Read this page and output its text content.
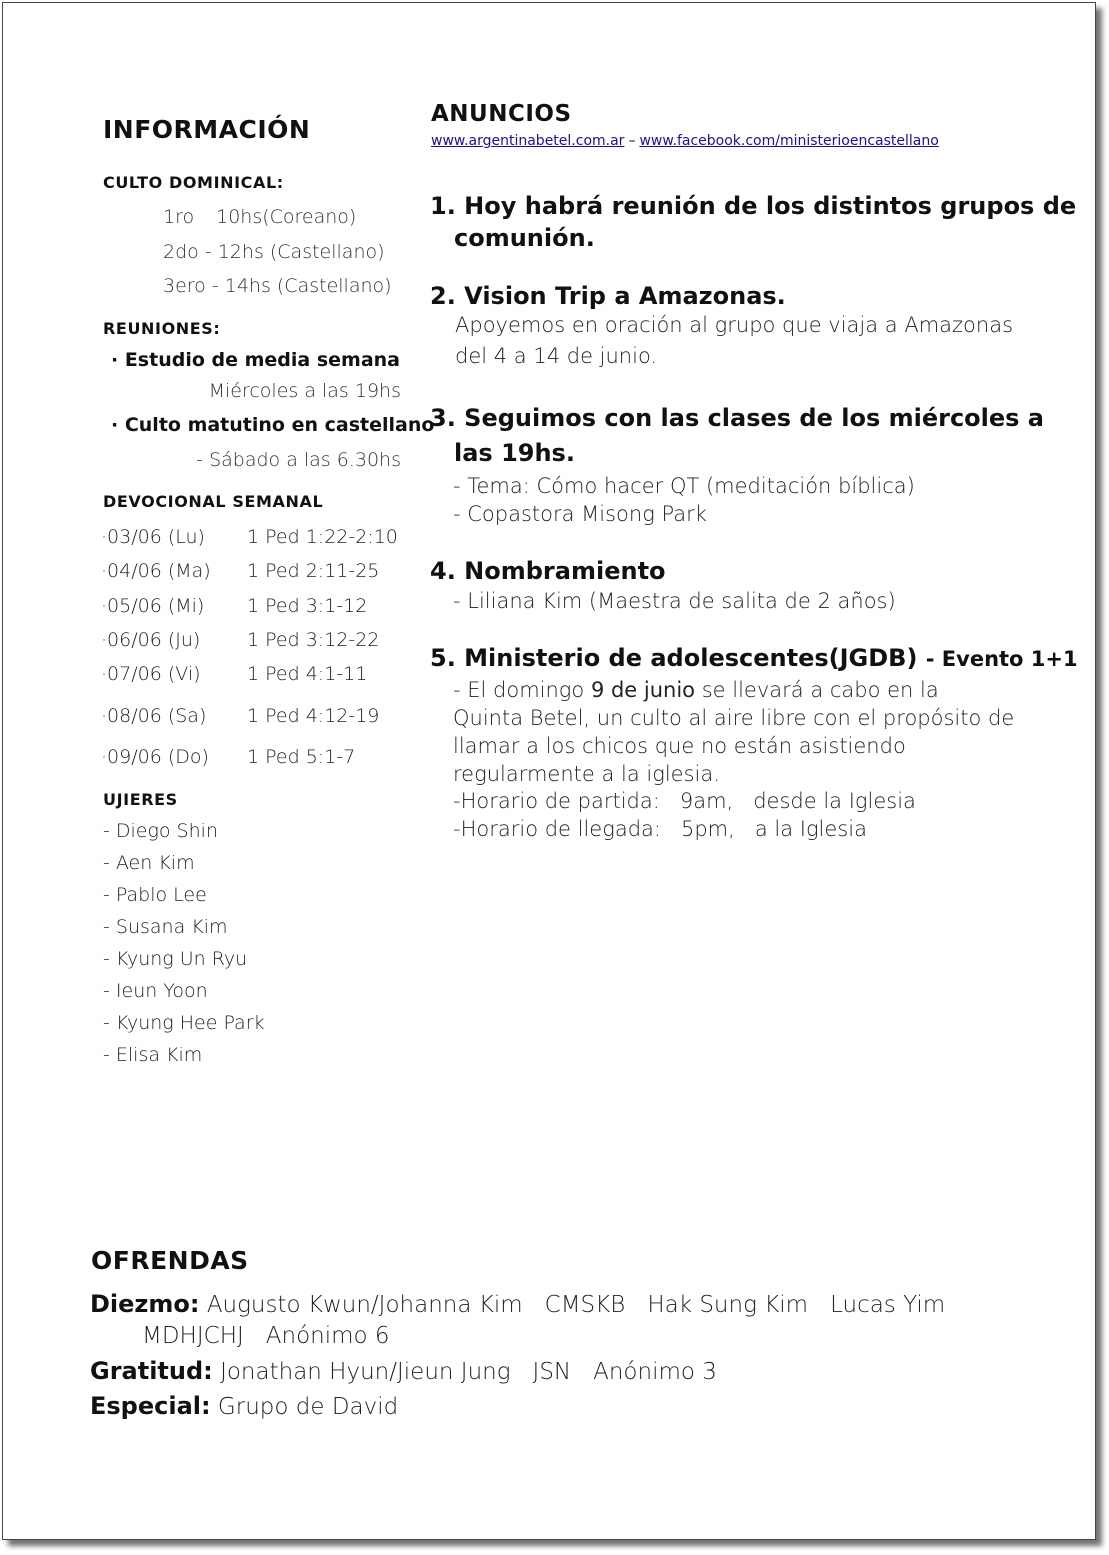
INFORMACIÓN
CULTO DOMINICAL:
1ro 10hs(Coreano)
2do - 12hs (Castellano)
3ero - 14hs (Castellano)
REUNIONES:
· Estudio de media semana
Miércoles a las 19hs
· Culto matutino en castellano
- Sábado a las 6.30hs
DEVOCIONAL SEMANAL
·03/06 (Lu) 1 Ped 1:22-2:10
·04/06 (Ma) 1 Ped 2:11-25
·05/06 (Mi) 1 Ped 3:1-12
·06/06 (Ju) 1 Ped 3:12-22
·07/06 (Vi) 1 Ped 4:1-11
·08/06 (Sa) 1 Ped 4:12-19
·09/06 (Do) 1 Ped 5:1-7
UJIERES
- Diego Shin
- Aen Kim
- Pablo Lee
- Susana Kim
- Kyung Un Ryu
- Ieun Yoon
- Kyung Hee Park
- Elisa Kim
ANUNCIOS
www.argentinabetel.com.ar – www.facebook.com/ministerioencastellano
1. Hoy habrá reunión de los distintos grupos de
comunión.
2. Vision Trip a Amazonas.
Apoyemos en oración al grupo que viaja a Amazonas
del 4 a 14 de junio.
3. Seguimos con las clases de los miércoles a
las 19hs.
- Tema: Cómo hacer QT (meditación bíblica)
- Copastora Misong Park
4. Nombramiento
- Liliana Kim (Maestra de salita de 2 años)
5. Ministerio de adolescentes(JGDB) - Evento 1+1
- El domingo 9 de junio se llevará a cabo en la
Quinta Betel, un culto al aire libre con el propósito de
llamar a los chicos que no están asistiendo
regularmente a la iglesia.
-Horario de partida:   9am,   desde la Iglesia
-Horario de llegada:   5pm,   a la Iglesia
OFRENDAS
Diezmo: Augusto Kwun/Johanna Kim CMSKB Hak Sung Kim Lucas Yim
MDHJCHJ Anónimo 6
Gratitud: Jonathan Hyun/Jieun Jung JSN Anónimo 3
Especial: Grupo de David
